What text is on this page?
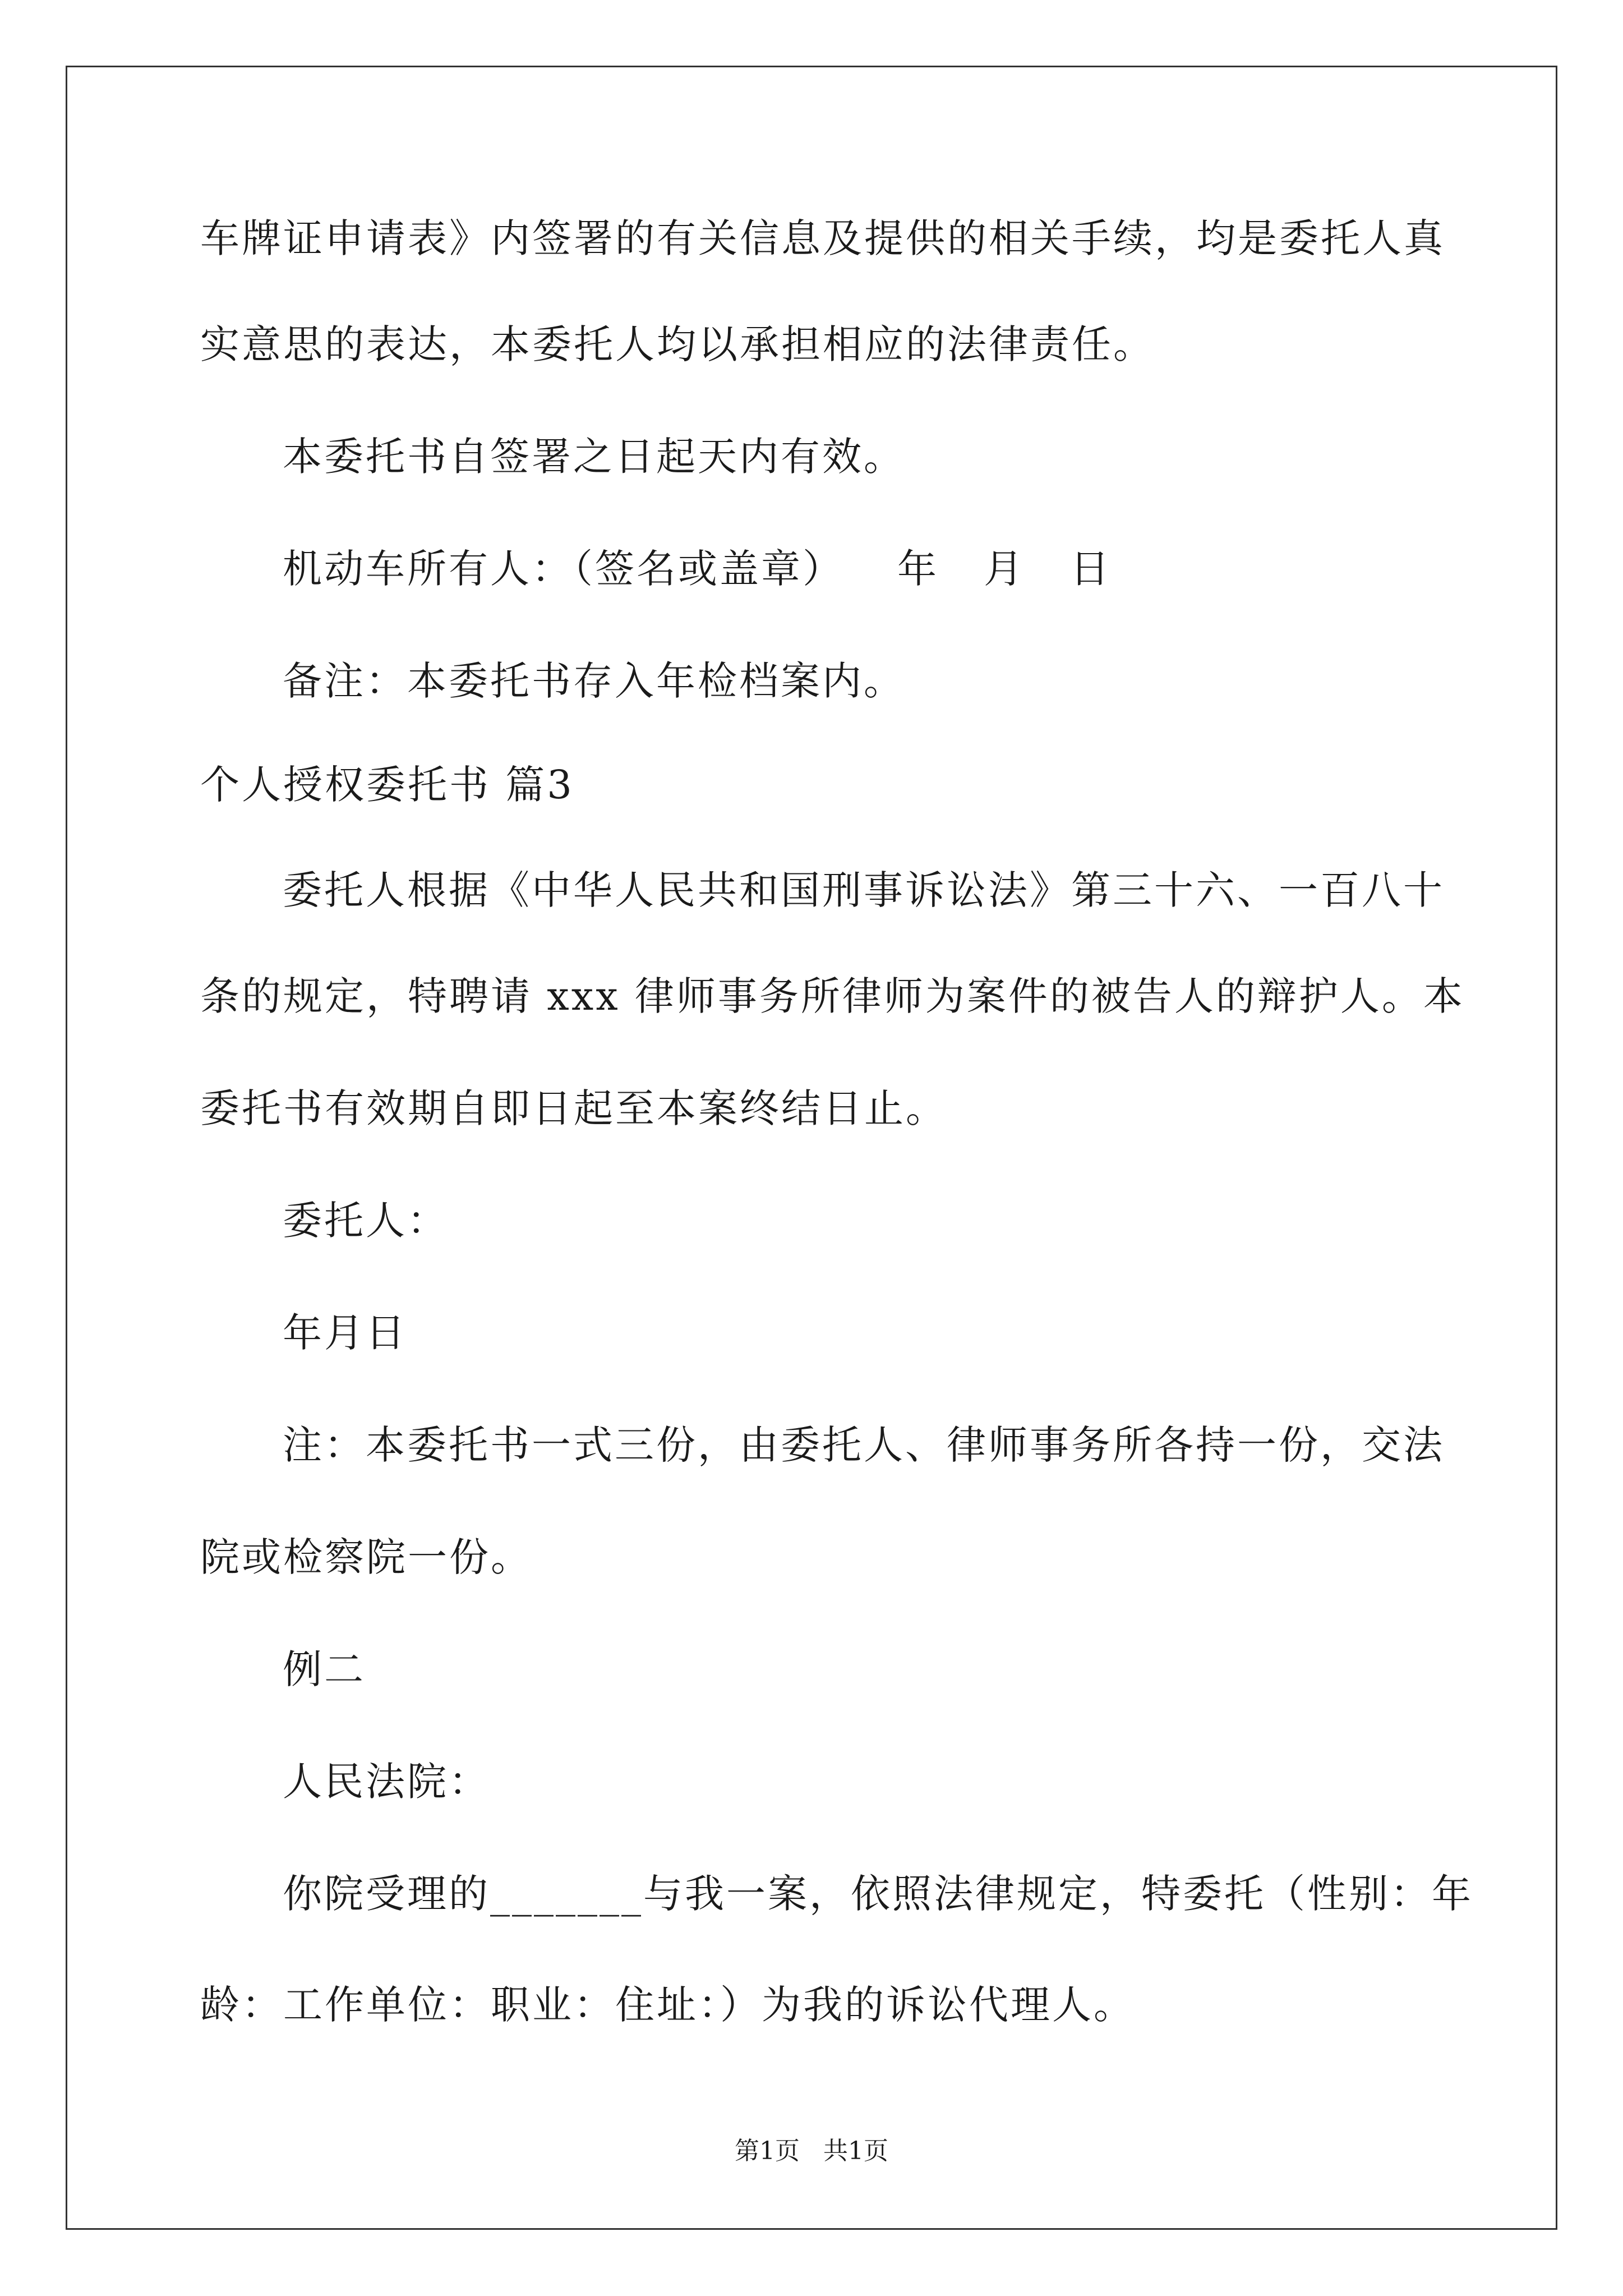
车牌证申请表》内签署的有关信息及提供的相关手续，均是委托人真
实意思的表达，本委托人均以承担相应的法律责任。
本委托书自签署之日起天内有效。
机动车所有人：（签名或盖章） 年 月 日
备注：本委托书存入年检档案内。
个人授权委托书 篇3
委托人根据《中华人民共和国刑事诉讼法》第三十六、一百八十
条的规定，特聘请 xxx 律师事务所律师为案件的被告人的辩护人。本
委托书有效期自即日起至本案终结日止。
委托人：
年月日
注：本委托书一式三份，由委托人、律师事务所各持一份，交法
院或检察院一份。
例二
人民法院：
你院受理的_______与我一案，依照法律规定，特委托（性别：年
龄：工作单位：职业：住址：）为我的诉讼代理人。
第1页   共1页
